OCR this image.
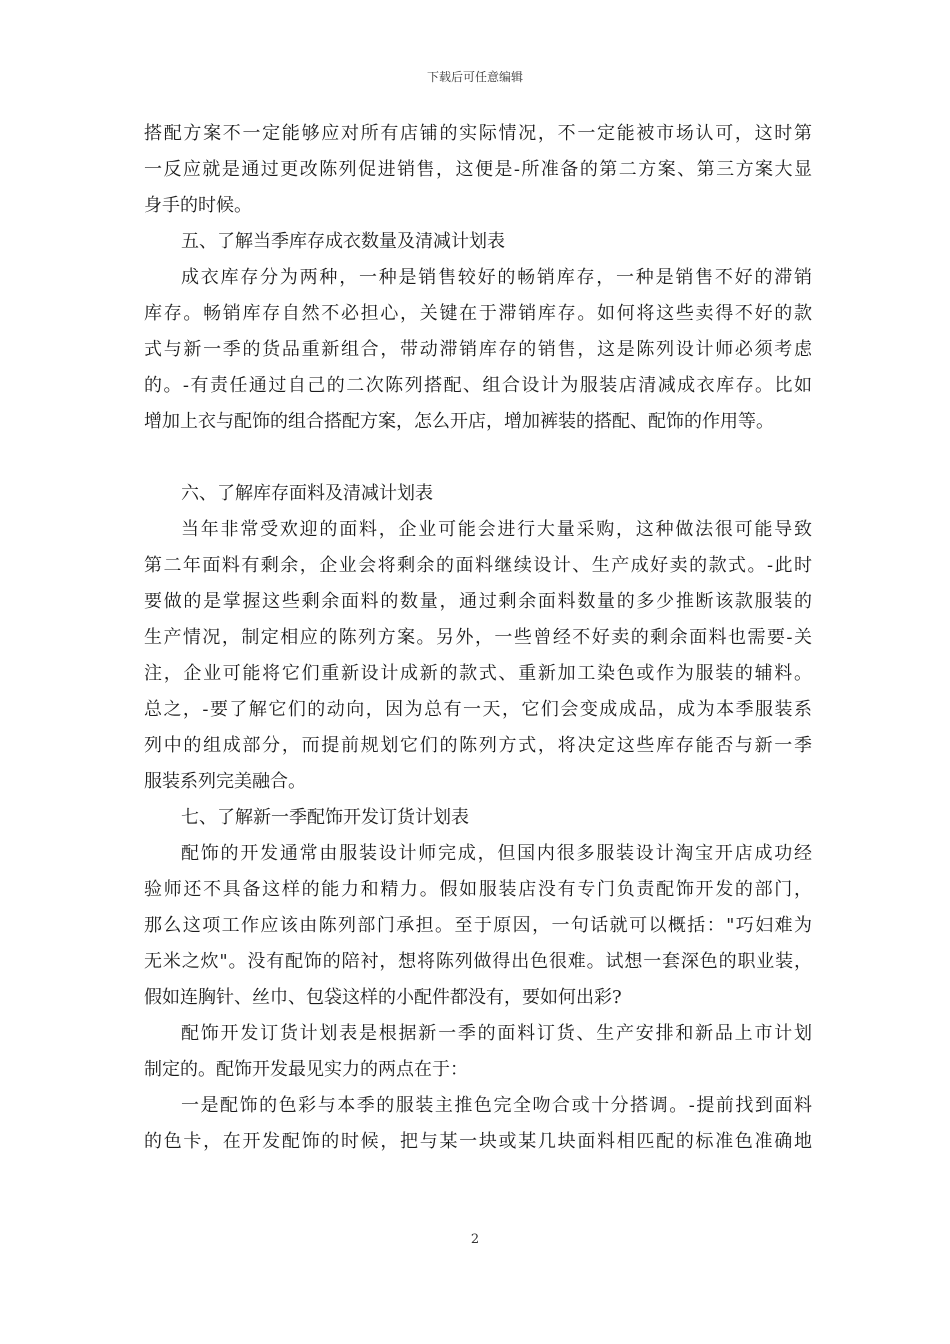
下载后可任意编辑
搭配方案不一定能够应对所有店铺的实际情况，不一定能被市场认可，这时第
一反应就是通过更改陈列促进销售，这便是-所准备的第二方案、第三方案大显
身手的时候。
五、了解当季库存成衣数量及清减计划表
成衣库存分为两种，一种是销售较好的畅销库存，一种是销售不好的滞销
库存。畅销库存自然不必担心，关键在于滞销库存。如何将这些卖得不好的款
式与新一季的货品重新组合，带动滞销库存的销售，这是陈列设计师必须考虑
的。-有责任通过自己的二次陈列搭配、组合设计为服装店清减成衣库存。比如
增加上衣与配饰的组合搭配方案，怎么开店，增加裤装的搭配、配饰的作用等。
六、了解库存面料及清减计划表
当年非常受欢迎的面料，企业可能会进行大量采购，这种做法很可能导致
第二年面料有剩余，企业会将剩余的面料继续设计、生产成好卖的款式。-此时
要做的是掌握这些剩余面料的数量，通过剩余面料数量的多少推断该款服装的
生产情况，制定相应的陈列方案。另外，一些曾经不好卖的剩余面料也需要-关
注，企业可能将它们重新设计成新的款式、重新加工染色或作为服装的辅料。
总之，-要了解它们的动向，因为总有一天，它们会变成成品，成为本季服装系
列中的组成部分，而提前规划它们的陈列方式，将决定这些库存能否与新一季
服装系列完美融合。
七、了解新一季配饰开发订货计划表
配饰的开发通常由服装设计师完成，但国内很多服装设计淘宝开店成功经
验师还不具备这样的能力和精力。假如服装店没有专门负责配饰开发的部门，
那么这项工作应该由陈列部门承担。至于原因，一句话就可以概括："巧妇难为
无米之炊"。没有配饰的陪衬，想将陈列做得出色很难。试想一套深色的职业装，
假如连胸针、丝巾、包袋这样的小配件都没有，要如何出彩?
配饰开发订货计划表是根据新一季的面料订货、生产安排和新品上市计划
制定的。配饰开发最见实力的两点在于：
一是配饰的色彩与本季的服装主推色完全吻合或十分搭调。-提前找到面料
的色卡，在开发配饰的时候，把与某一块或某几块面料相匹配的标准色准确地
2
